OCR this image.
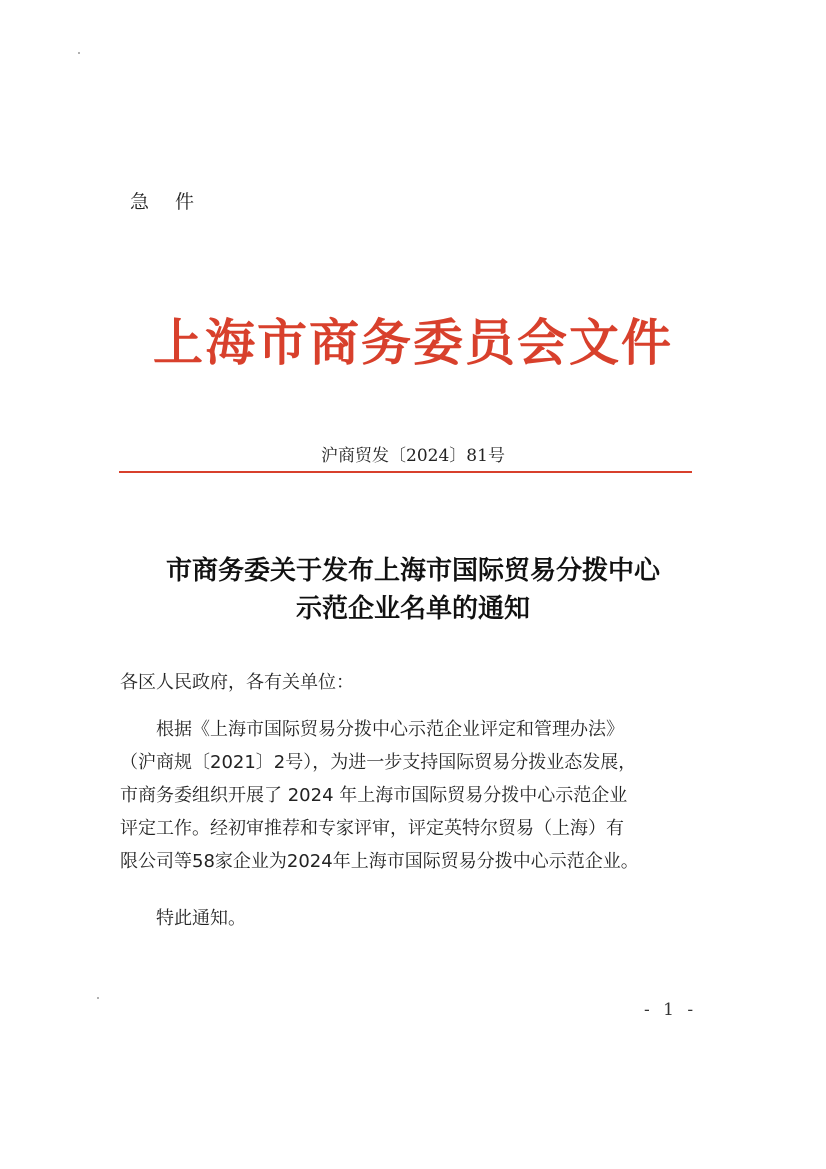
急 件
上海市商务委员会文件
沪商贸发〔2024〕81号
市商务委关于发布上海市国际贸易分拨中心
示范企业名单的通知
各区人民政府，各有关单位：
根据《上海市国际贸易分拨中心示范企业评定和管理办法》
（沪商规〔2021〕2号），为进一步支持国际贸易分拨业态发展，
市商务委组织开展了 2024 年上海市国际贸易分拨中心示范企业
评定工作。经初审推荐和专家评审，评定英特尔贸易（上海）有
限公司等58家企业为2024年上海市国际贸易分拨中心示范企业。
特此通知。
- 1 -
